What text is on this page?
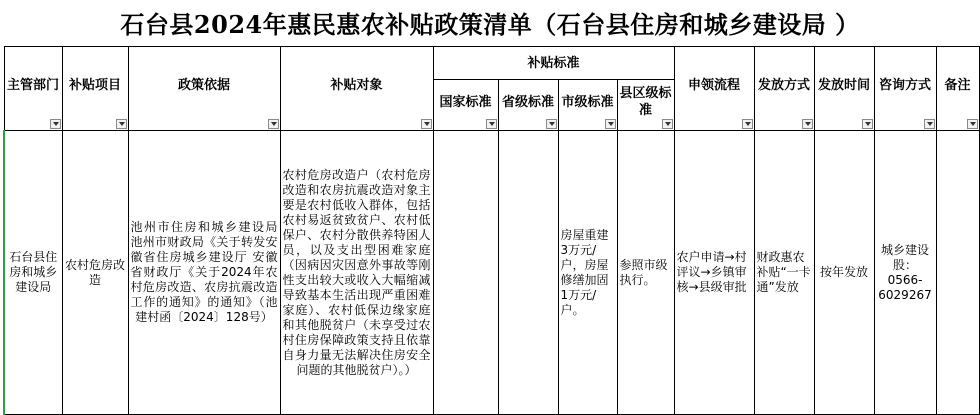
石台县2024年惠民惠农补贴政策清单（石台县住房和城乡建设局 ）
主管部门	补贴项目	政策依据	补贴对象	补贴标准				申领流程	发放方式	发放时间	咨询方式	备注

				国家标准	省级标准	市级标准	县区级标准					

石台县住房和城乡建设局	农村危房改造	池州市住房和城乡建设局 池州市财政局《关于转发安徽省住房城乡建设厅 安徽省财政厅《关于2024年农村危房改造、农房抗震改造工作的通知》的通知》（池建村函〔2024〕128号）	农村危房改造户（农村危房改造和农房抗震改造对象主要是农村低收入群体，包括农村易返贫致贫户、农村低保户、农村分散供养特困人员，以及支出型困难家庭（因病因灾因意外事故等刚性支出较大或收入大幅缩减导致基本生活出现严重困难家庭）、农村低保边缘家庭和其他脱贫户（未享受过农村住房保障政策支持且依靠自身力量无法解决住房安全问题的其他脱贫户）。）			房屋重建3万元/户，房屋修缮加固1万元/户。	参照市级执行。	农户申请→村评议→乡镇审核→县级审批	财政惠农补贴“一卡通”发放	按年发放	城乡建设股：0566-6029267	
